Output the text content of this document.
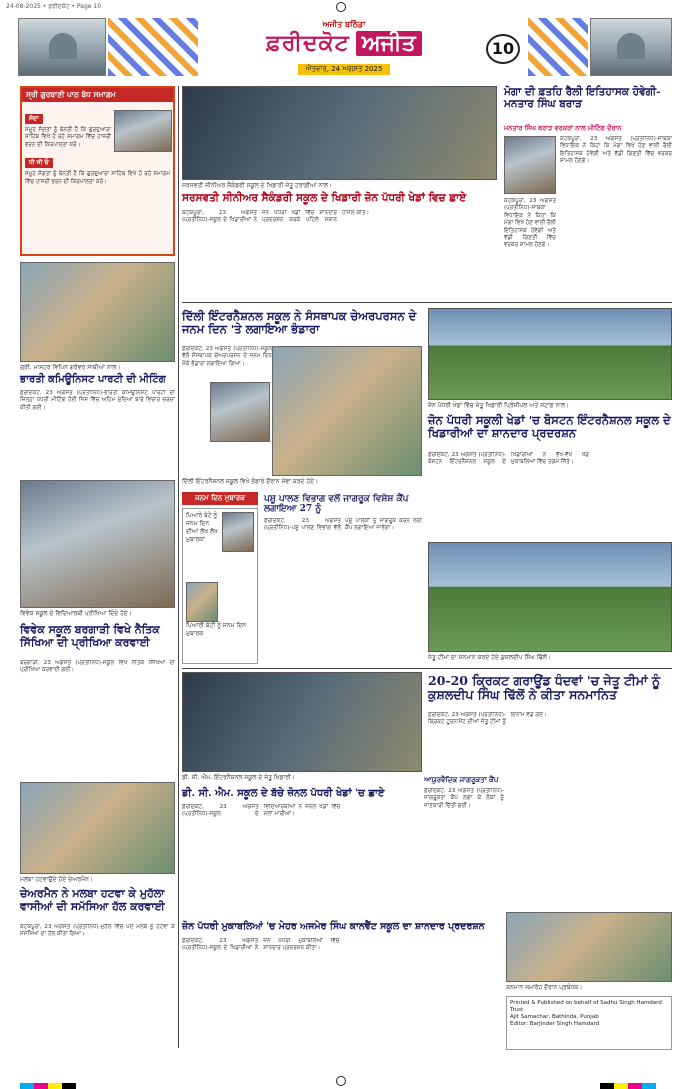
24-08-2025 • ਫ਼ਰੀਦਕੋਟ • Page 10
ਅਜੀਤ ਬਠਿੰਡਾ
ਫ਼ਰੀਦਕੋਟ ਅਜੀਤ
ਐਤਵਾਰ, 24 ਅਗਸਤ 2025
10
ਸ੍ਰੀ ਗੁਰਬਾਣੀ ਪਾਠ ਬੋਧ ਸਮਾਗਮ
ਸੱਦਾ
ਸਮੂਹ ਸੰਗਤਾਂ ਨੂੰ ਬੇਨਤੀ ਹੈ ਕਿ ਗੁਰਦੁਆਰਾ ਸਾਹਿਬ ਵਿਖੇ ਹੋ ਰਹੇ ਸਮਾਗਮ ਵਿੱਚ ਹਾਜ਼ਰੀ ਭਰਨ ਦੀ ਕਿਰਪਾਲਤਾ ਕਰੋ।
ਧੀ ਜੀ ਓ
ਸਮੂਹ ਸੰਗਤਾਂ ਨੂੰ ਬੇਨਤੀ ਹੈ ਕਿ ਗੁਰਦੁਆਰਾ ਸਾਹਿਬ ਵਿਖੇ ਹੋ ਰਹੇ ਸਮਾਗਮ ਵਿੱਚ ਹਾਜ਼ਰੀ ਭਰਨ ਦੀ ਕਿਰਪਾਲਤਾ ਕਰੋ।
ਗ੍ਰੀ. ਮਾਸਟਰ ਵਿਪਿਨ ਗਰੋਵਰ ਸਾਥੀਆਂ ਨਾਲ।
ਭਾਰਤੀ ਕਮਿਊਨਿਸਟ ਪਾਰਟੀ ਦੀ ਮੀਟਿੰਗ
ਫ਼ਰੀਦਕੋਟ, 23 ਅਗਸਤ (ਪ੍ਰਤੀਨਿਧ)-ਭਾਰਤੀ ਕਮਿਊਨਿਸਟ ਪਾਰਟੀ ਦੀ ਜ਼ਿਲ੍ਹਾ ਪੱਧਰੀ ਮੀਟਿੰਗ ਹੋਈ ਜਿਸ ਵਿੱਚ ਅਹਿਮ ਮੁੱਦਿਆਂ ਬਾਰੇ ਵਿਚਾਰ ਚਰਚਾ ਕੀਤੀ ਗਈ।
ਵਿਵੇਕ ਸਕੂਲ ਦੇ ਵਿਦਿਆਰਥੀ ਪ੍ਰੀਖਿਆ ਦਿੰਦੇ ਹੋਏ।
ਵਿਵੇਕ ਸਕੂਲ ਬਰਗਾੜੀ ਵਿਖੇ ਨੈਤਿਕ ਸਿੱਖਿਆ ਦੀ ਪ੍ਰੀਖਿਆ ਕਰਵਾਈ
ਬਰਗਾੜੀ, 23 ਅਗਸਤ (ਪ੍ਰਤੀਨਿਧ)-ਸਕੂਲ ਵਿਖੇ ਨੈਤਿਕ ਸਿੱਖਿਆ ਦੀ ਪ੍ਰੀਖਿਆ ਕਰਵਾਈ ਗਈ।
ਮਲਬਾ ਹਟਵਾਉਂਦੇ ਹੋਏ ਚੇਅਰਮੈਨ।
ਚੇਅਰਮੈਨ ਨੇ ਮਲਬਾ ਹਟਵਾ ਕੇ ਮੁਹੱਲਾ ਵਾਸੀਆਂ ਦੀ ਸਮੱਸਿਆ ਹੱਲ ਕਰਵਾਈ
ਕੋਟਕਪੂਰਾ, 23 ਅਗਸਤ (ਪ੍ਰਤੀਨਿਧ)-ਮੁਹੱਲੇ ਵਿੱਚ ਪਏ ਮਲਬੇ ਨੂੰ ਹਟਵਾ ਕੇ ਸਮੱਸਿਆ ਦਾ ਹੱਲ ਕੀਤਾ ਗਿਆ।
ਸਰਸਵਤੀ ਸੀਨੀਅਰ ਸੈਕੰਡਰੀ ਸਕੂਲ ਦੇ ਖਿਡਾਰੀ ਜੇਤੂ ਟਰਾਫ਼ੀਆਂ ਨਾਲ।
ਸਰਸਵਤੀ ਸੀਨੀਅਰ ਸੈਕੰਡਰੀ ਸਕੂਲ ਦੇ ਖਿਡਾਰੀ ਜ਼ੋਨ ਪੱਧਰੀ ਖੇਡਾਂ ਵਿਚ ਛਾਏ
ਕੋਟਕਪੂਰਾ, 23 ਅਗਸਤ (ਪ੍ਰਤੀਨਿਧ)-ਸਕੂਲ ਦੇ ਖਿਡਾਰੀਆਂ ਨੇ ਜ਼ੋਨ ਪੱਧਰੀ ਖੇਡਾਂ ਵਿੱਚ ਸ਼ਾਨਦਾਰ ਪ੍ਰਦਰਸ਼ਨ ਕਰਕੇ ਪਹਿਲੇ ਸਥਾਨ ਹਾਸਲ ਕੀਤੇ।
ਮੋਗਾ ਦੀ ਫ਼ਤਹਿ ਰੈਲੀ ਇਤਿਹਾਸਕ ਹੋਵੇਗੀ-ਮਨਤਾਰ ਸਿੰਘ ਬਰਾੜ
ਮਨਤਾਰ ਸਿੰਘ ਬਰਾੜ ਵਰਕਰਾਂ ਨਾਲ ਮੀਟਿੰਗ ਦੌਰਾਨ
ਕੋਟਕਪੂਰਾ, 23 ਅਗਸਤ (ਪ੍ਰਤੀਨਿਧ)-ਸਾਬਕਾ ਵਿਧਾਇਕ ਨੇ ਕਿਹਾ ਕਿ ਮੋਗਾ ਵਿਖੇ ਹੋਣ ਵਾਲੀ ਰੈਲੀ ਇਤਿਹਾਸਕ ਹੋਵੇਗੀ ਅਤੇ ਵੱਡੀ ਗਿਣਤੀ ਵਿੱਚ ਵਰਕਰ ਸ਼ਾਮਲ ਹੋਣਗੇ।
ਕੋਟਕਪੂਰਾ, 23 ਅਗਸਤ (ਪ੍ਰਤੀਨਿਧ)-ਸਾਬਕਾ ਵਿਧਾਇਕ ਨੇ ਕਿਹਾ ਕਿ ਮੋਗਾ ਵਿਖੇ ਹੋਣ ਵਾਲੀ ਰੈਲੀ ਇਤਿਹਾਸਕ ਹੋਵੇਗੀ ਅਤੇ ਵੱਡੀ ਗਿਣਤੀ ਵਿੱਚ ਵਰਕਰ ਸ਼ਾਮਲ ਹੋਣਗੇ।
ਦਿੱਲੀ ਇੰਟਰਨੈਸ਼ਨਲ ਸਕੂਲ ਨੇ ਸੰਸਥਾਪਕ ਚੇਅਰਪਰਸਨ ਦੇ ਜਨਮ ਦਿਨ 'ਤੇ ਲਗਾਇਆ ਭੰਡਾਰਾ
ਫ਼ਰੀਦਕੋਟ, 23 ਅਗਸਤ (ਪ੍ਰਤੀਨਿਧ)-ਸਕੂਲ ਵੱਲੋਂ ਸੰਸਥਾਪਕ ਚੇਅਰਪਰਸਨ ਦੇ ਜਨਮ ਦਿਨ ਮੌਕੇ ਭੰਡਾਰਾ ਲਗਾਇਆ ਗਿਆ।
ਦਿੱਲੀ ਇੰਟਰਨੈਸ਼ਨਲ ਸਕੂਲ ਵਿਖੇ ਭੰਡਾਰੇ ਦੌਰਾਨ ਸੇਵਾ ਕਰਦੇ ਹੋਏ।
ਜਨਮ ਦਿਨ ਮੁਬਾਰਕ
ਪਿਆਰੇ ਬੇਟੇ ਨੂੰ ਜਨਮ ਦਿਨ ਦੀਆਂ ਲੱਖ ਲੱਖ ਮੁਬਾਰਕਾਂ
ਪਿਆਰੀ ਬੇਟੀ ਨੂੰ ਜਨਮ ਦਿਨ ਮੁਬਾਰਕ
ਪਸ਼ੂ ਪਾਲਣ ਵਿਭਾਗ ਵਲੋਂ ਜਾਗਰੂਕ ਵਿਸ਼ੇਸ਼ ਕੈਂਪ ਲਗਾਇਆ 27 ਨੂੰ
ਫ਼ਰੀਦਕੋਟ, 23 ਅਗਸਤ (ਪ੍ਰਤੀਨਿਧ)-ਪਸ਼ੂ ਪਾਲਣ ਵਿਭਾਗ ਵੱਲੋਂ ਪਸ਼ੂ ਪਾਲਕਾਂ ਨੂੰ ਜਾਗਰੂਕ ਕਰਨ ਲਈ ਕੈਂਪ ਲਗਾਇਆ ਜਾਵੇਗਾ।
ਜ਼ੋਨ ਪੱਧਰੀ ਖੇਡਾਂ ਵਿੱਚ ਜੇਤੂ ਖਿਡਾਰੀ ਪ੍ਰਿੰਸੀਪਲ ਅਤੇ ਸਟਾਫ਼ ਨਾਲ।
ਜ਼ੋਨ ਪੱਧਰੀ ਸਕੂਲੀ ਖੇਡਾਂ 'ਚ ਬੋਸਟਨ ਇੰਟਰਨੈਸ਼ਨਲ ਸਕੂਲ ਦੇ ਖਿਡਾਰੀਆਂ ਦਾ ਸ਼ਾਨਦਾਰ ਪ੍ਰਦਰਸ਼ਨ
ਫ਼ਰੀਦਕੋਟ, 23 ਅਗਸਤ (ਪ੍ਰਤੀਨਿਧ)-ਬੋਸਟਨ ਇੰਟਰਨੈਸ਼ਨਲ ਸਕੂਲ ਦੇ ਖਿਡਾਰੀਆਂ ਨੇ ਵੱਖ-ਵੱਖ ਖੇਡ ਮੁਕਾਬਲਿਆਂ ਵਿੱਚ ਤਗਮੇ ਜਿੱਤੇ।
ਜੇਤੂ ਟੀਮਾਂ ਦਾ ਸਨਮਾਨ ਕਰਦੇ ਹੋਏ ਕੁਸ਼ਲਦੀਪ ਸਿੰਘ ਢਿੱਲੋਂ।
ਡੀ. ਸੀ. ਐਮ. ਇੰਟਰਨੈਸ਼ਨਲ ਸਕੂਲ ਦੇ ਜੇਤੂ ਖਿਡਾਰੀ।
ਡੀ. ਸੀ. ਐਮ. ਸਕੂਲ ਦੇ ਬੱਚੇ ਜ਼ੋਨਲ ਪੱਧਰੀ ਖੇਡਾਂ 'ਚ ਛਾਏ
ਫ਼ਰੀਦਕੋਟ, 23 ਅਗਸਤ (ਪ੍ਰਤੀਨਿਧ)-ਸਕੂਲ ਦੇ ਵਿਦਿਆਰਥੀਆਂ ਨੇ ਜ਼ੋਨਲ ਖੇਡਾਂ ਵਿੱਚ ਮੱਲਾਂ ਮਾਰੀਆਂ।
20-20 ਕ੍ਰਿਕਟ ਗਰਾਊਂਡ ਧੰਦਵਾਂ 'ਚ ਜੇਤੂ ਟੀਮਾਂ ਨੂੰ ਕੁਸ਼ਲਦੀਪ ਸਿੰਘ ਢਿੱਲੋਂ ਨੇ ਕੀਤਾ ਸਨਮਾਨਿਤ
ਫ਼ਰੀਦਕੋਟ, 23 ਅਗਸਤ (ਪ੍ਰਤੀਨਿਧ)-ਕ੍ਰਿਕਟ ਟੂਰਨਾਮੈਂਟ ਦੀਆਂ ਜੇਤੂ ਟੀਮਾਂ ਨੂੰ ਇਨਾਮ ਵੰਡੇ ਗਏ।
ਆਯੁਰਵੈਦਿਕ ਜਾਗਰੂਕਤਾ ਕੈਂਪ
ਫ਼ਰੀਦਕੋਟ, 23 ਅਗਸਤ (ਪ੍ਰਤੀਨਿਧ)-ਜਾਗਰੂਕਤਾ ਕੈਂਪ ਲਗਾ ਕੇ ਲੋਕਾਂ ਨੂੰ ਜਾਣਕਾਰੀ ਦਿੱਤੀ ਗਈ।
ਸਨਮਾਨ ਸਮਾਰੋਹ ਦੌਰਾਨ ਪ੍ਰਬੰਧਕ।
ਜ਼ੋਨ ਪੱਧਰੀ ਮੁਕਾਬਲਿਆਂ 'ਚ ਮੇਹਰ ਅਜਮੇਰ ਸਿੰਘ ਕਾਨਵੈਂਟ ਸਕੂਲ ਦਾ ਸ਼ਾਨਦਾਰ ਪ੍ਰਦਰਸ਼ਨ
ਫ਼ਰੀਦਕੋਟ, 23 ਅਗਸਤ (ਪ੍ਰਤੀਨਿਧ)-ਸਕੂਲ ਦੇ ਖਿਡਾਰੀਆਂ ਨੇ ਜ਼ੋਨ ਪੱਧਰੀ ਮੁਕਾਬਲਿਆਂ ਵਿੱਚ ਸ਼ਾਨਦਾਰ ਪ੍ਰਦਰਸ਼ਨ ਕੀਤਾ।
Printed & Published on behalf of Sadhu Singh Hamdard Trust
Ajit Samachar, Bathinda, Punjab
Editor: Barjinder Singh Hamdard
